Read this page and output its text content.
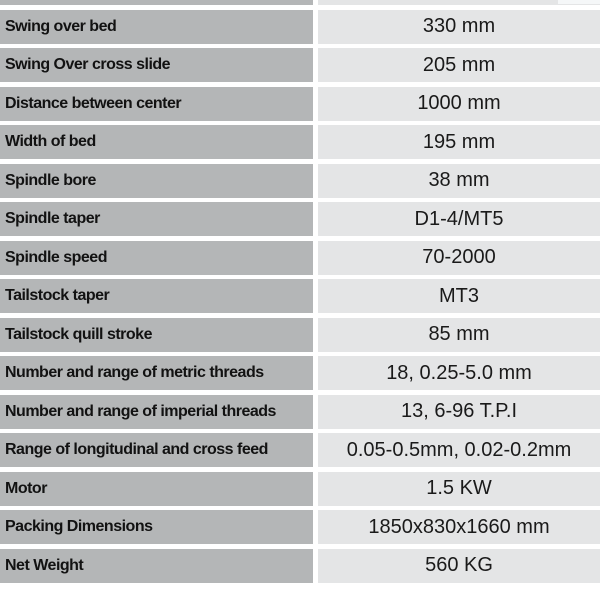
Swing over bed	330 mm
Swing Over cross slide	205 mm
Distance between center	1000 mm
Width of bed	195 mm
Spindle bore	38 mm
Spindle taper	D1-4/MT5
Spindle speed	70-2000
Tailstock taper	MT3
Tailstock quill stroke	85 mm
Number and range of metric threads	18, 0.25-5.0 mm
Number and range of imperial threads	13, 6-96 T.P.I
Range of longitudinal and cross feed	0.05-0.5mm, 0.02-0.2mm
Motor	1.5 KW
Packing Dimensions	1850x830x1660 mm
Net Weight	560 KG
